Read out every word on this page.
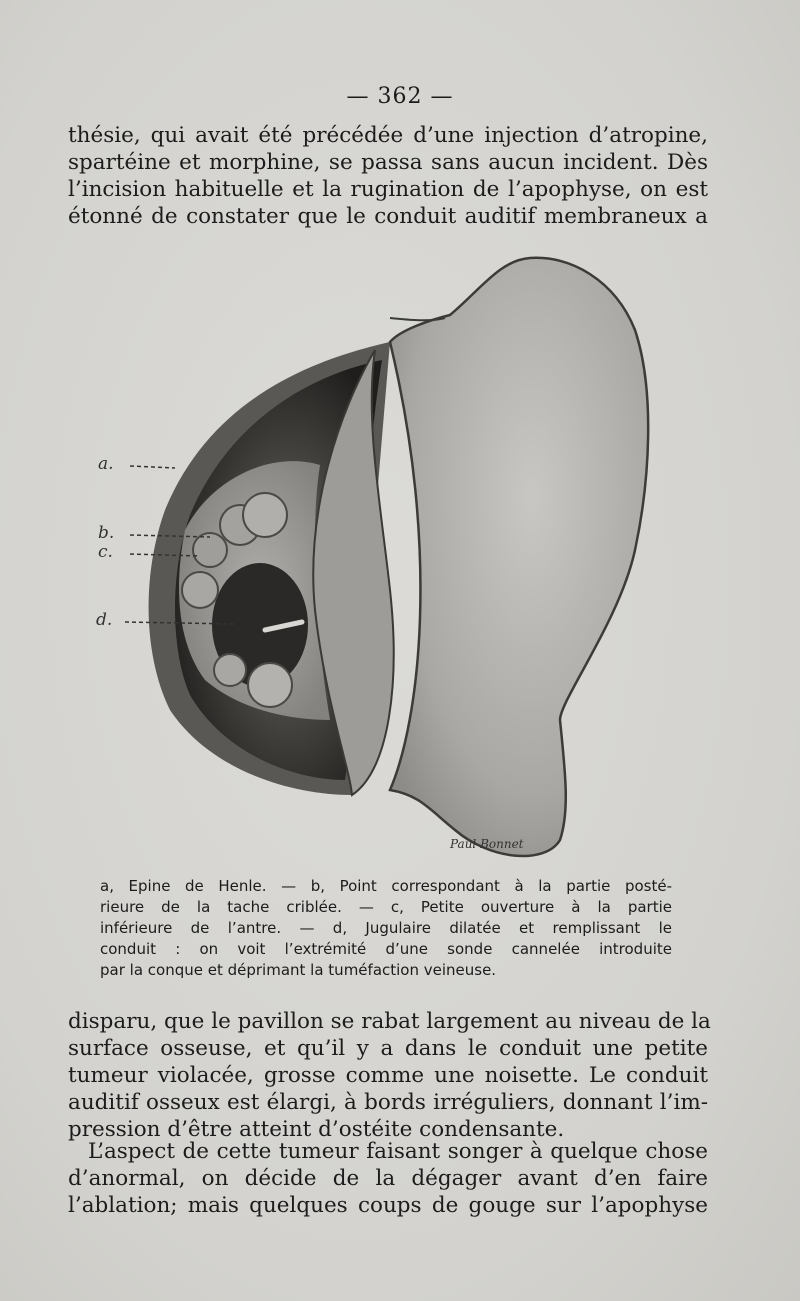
— 362 —

thésie, qui avait été précédée d’une injection d’atropine,
spartéine et morphine, se passa sans aucun incident. Dès
l’incision habituelle et la rugination de l’apophyse, on est
étonné de constater que le conduit auditif membraneux a

Paul Bonnet
a.
b.
c.
d.

a, Epine de Henle. — b, Point correspondant à la partie posté-
rieure de la tache criblée. — c, Petite ouverture à la partie
inférieure de l’antre. — d, Jugulaire dilatée et remplissant le
conduit : on voit l’extrémité d’une sonde cannelée introduite
par la conque et déprimant la tuméfaction veineuse.

disparu, que le pavillon se rabat largement au niveau de la
surface osseuse, et qu’il y a dans le conduit une petite
tumeur violacée, grosse comme une noisette. Le conduit
auditif osseux est élargi, à bords irréguliers, donnant l’im-
pression d’être atteint d’ostéite condensante.

L’aspect de cette tumeur faisant songer à quelque chose
d’anormal, on décide de la dégager avant d’en faire
l’ablation; mais quelques coups de gouge sur l’apophyse
